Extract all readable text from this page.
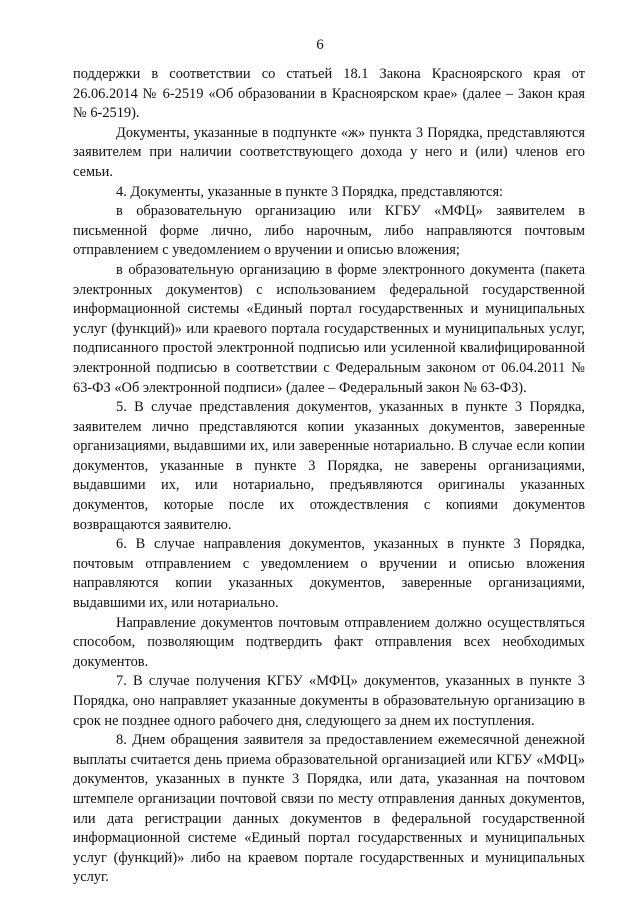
6

поддержки в соответствии со статьей 18.1 Закона Красноярского края от 26.06.2014 № 6-2519 «Об образовании в Красноярском крае» (далее – Закон края № 6-2519).

Документы, указанные в подпункте «ж» пункта 3 Порядка, представляются заявителем при наличии соответствующего дохода у него и (или) членов его семьи.

4. Документы, указанные в пункте 3 Порядка, представляются:

в образовательную организацию или КГБУ «МФЦ» заявителем в письменной форме лично, либо нарочным, либо направляются почтовым отправлением с уведомлением о вручении и описью вложения;

в образовательную организацию в форме электронного документа (пакета электронных документов) с использованием федеральной государственной информационной системы «Единый портал государственных и муниципальных услуг (функций)» или краевого портала государственных и муниципальных услуг, подписанного простой электронной подписью или усиленной квалифицированной электронной подписью в соответствии с Федеральным законом от 06.04.2011 № 63-ФЗ «Об электронной подписи» (далее – Федеральный закон № 63-ФЗ).

5. В случае представления документов, указанных в пункте 3 Порядка, заявителем лично представляются копии указанных документов, заверенные организациями, выдавшими их, или заверенные нотариально. В случае если копии документов, указанные в пункте 3 Порядка, не заверены организациями, выдавшими их, или нотариально, предъявляются оригиналы указанных документов, которые после их отождествления с копиями документов возвращаются заявителю.

6. В случае направления документов, указанных в пункте 3 Порядка, почтовым отправлением с уведомлением о вручении и описью вложения направляются копии указанных документов, заверенные организациями, выдавшими их, или нотариально.

Направление документов почтовым отправлением должно осуществляться способом, позволяющим подтвердить факт отправления всех необходимых документов.

7. В случае получения КГБУ «МФЦ» документов, указанных в пункте 3 Порядка, оно направляет указанные документы в образовательную организацию в срок не позднее одного рабочего дня, следующего за днем их поступления.

8. Днем обращения заявителя за предоставлением ежемесячной денежной выплаты считается день приема образовательной организацией или КГБУ «МФЦ» документов, указанных в пункте 3 Порядка, или дата, указанная на почтовом штемпеле организации почтовой связи по месту отправления данных документов, или дата регистрации данных документов в федеральной государственной информационной системе «Единый портал государственных и муниципальных услуг (функций)» либо на краевом портале государственных и муниципальных услуг.
